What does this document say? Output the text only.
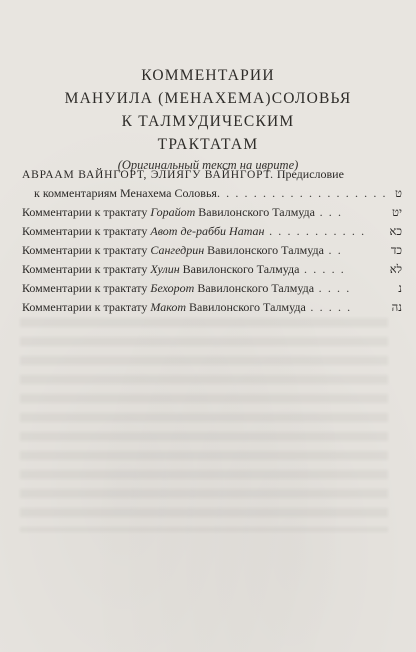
КОММЕНТАРИИ
МАНУИЛА (МЕНАХЕМА)СОЛОВЬЯ
К ТАЛМУДИЧЕСКИМ
ТРАКТАТАМ
(Оригинальный текст на иврите)
АВРААМ ВАЙНГОРТ, ЭЛИЯГУ ВАЙНГОРТ. Предисловие
к комментариям Менахема Соловья. . . . . . . . . . . . . . . . . . . ט
Комментарии к трактату Горайот Вавилонского Талмуда . . .	יט
Комментарии к трактату Авот де-рабби Натан . . . . . . . . . . .	כא
Комментарии к трактату Сангедрин Вавилонского Талмуда . .	כד
Комментарии к трактату Хулин Вавилонского Талмуда . . . . .	לא
Комментарии к трактату Бехорот Вавилонского Талмуда . . . .	נ
Комментарии к трактату Макот Вавилонского Талмуда . . . . .	נה
